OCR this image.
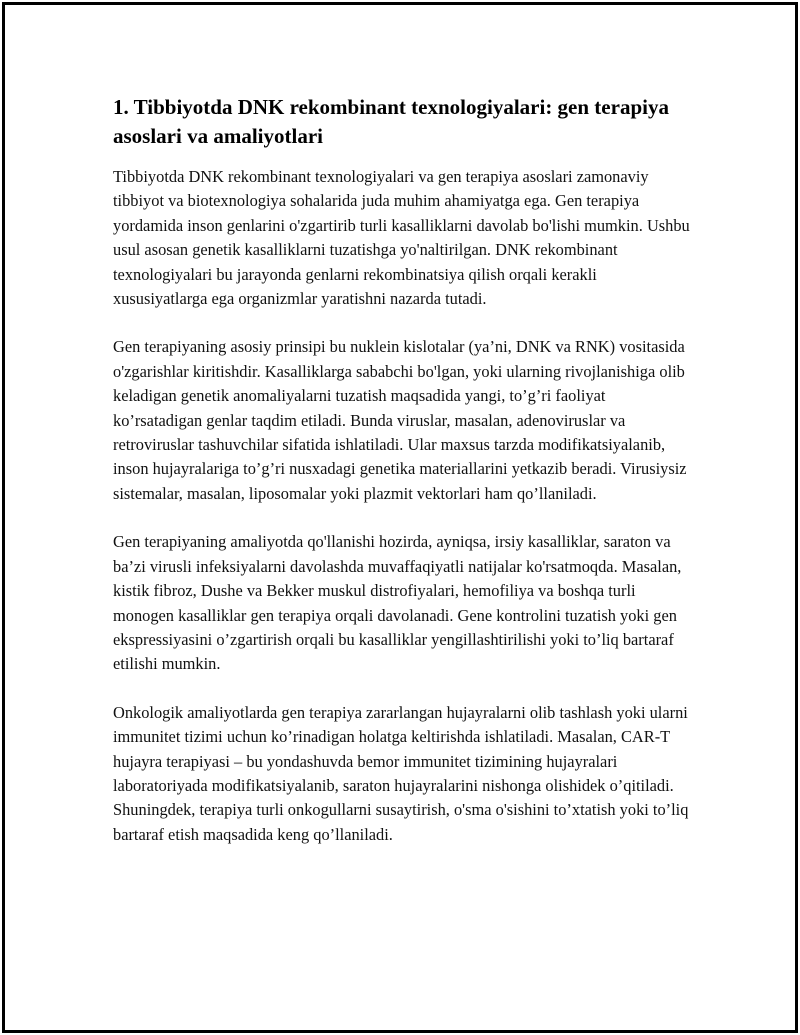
1. Tibbiyotda DNK rekombinant texnologiyalari: gen terapiya asoslari va amaliyotlari

Tibbiyotda DNK rekombinant texnologiyalari va gen terapiya asoslari zamonaviy tibbiyot va biotexnologiya sohalarida juda muhim ahamiyatga ega. Gen terapiya yordamida inson genlarini o'zgartirib turli kasalliklarni davolab bo'lishi mumkin. Ushbu usul asosan genetik kasalliklarni tuzatishga yo'naltirilgan. DNK rekombinant texnologiyalari bu jarayonda genlarni rekombinatsiya qilish orqali kerakli xususiyatlarga ega organizmlar yaratishni nazarda tutadi.

Gen terapiyaning asosiy prinsipi bu nuklein kislotalar (ya’ni, DNK va RNK) vositasida o'zgarishlar kiritishdir. Kasalliklarga sababchi bo'lgan, yoki ularning rivojlanishiga olib keladigan genetik anomaliyalarni tuzatish maqsadida yangi, to’g’ri faoliyat ko’rsatadigan genlar taqdim etiladi. Bunda viruslar, masalan, adenoviruslar va retroviruslar tashuvchilar sifatida ishlatiladi. Ular maxsus tarzda modifikatsiyalanib, inson hujayralariga to’g’ri nusxadagi genetika materiallarini yetkazib beradi. Virusiysiz sistemalar, masalan, liposomalar yoki plazmit vektorlari ham qo’llaniladi.

Gen terapiyaning amaliyotda qo'llanishi hozirda, ayniqsa, irsiy kasalliklar, saraton va ba’zi virusli infeksiyalarni davolashda muvaffaqiyatli natijalar ko'rsatmoqda. Masalan, kistik fibroz, Dushe va Bekker muskul distrofiyalari, hemofiliya va boshqa turli monogen kasalliklar gen terapiya orqali davolanadi. Gene kontrolini tuzatish yoki gen ekspressiyasini o’zgartirish orqali bu kasalliklar yengillashtirilishi yoki to’liq bartaraf etilishi mumkin.

Onkologik amaliyotlarda gen terapiya zararlangan hujayralarni olib tashlash yoki ularni immunitet tizimi uchun ko’rinadigan holatga keltirishda ishlatiladi. Masalan, CAR-T hujayra terapiyasi – bu yondashuvda bemor immunitet tizimining hujayralari laboratoriyada modifikatsiyalanib, saraton hujayralarini nishonga olishidek o’qitiladi. Shuningdek, terapiya turli onkogullarni susaytirish, o'sma o'sishini to’xtatish yoki to’liq bartaraf etish maqsadida keng qo’llaniladi.
